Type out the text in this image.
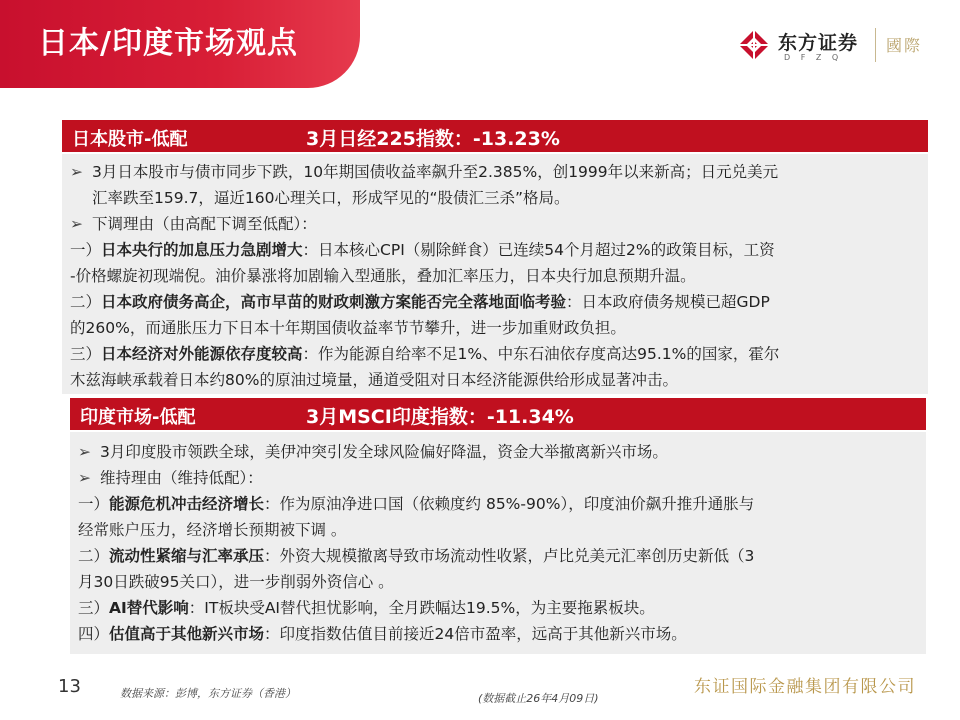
日本/印度市场观点	东方证券
D F Z Q
國際
日本股市-低配	3月日经225指数：-13.23%
➢ 3月日本股市与债市同步下跌，10年期国债收益率飙升至2.385%，创1999年以来新高；日元兑美元
汇率跌至159.7，逼近160心理关口，形成罕见的“股债汇三杀”格局。
➢ 下调理由（由高配下调至低配）：
一）日本央行的加息压力急剧增大：日本核心CPI（剔除鲜食）已连续54个月超过2%的政策目标，工资
-价格螺旋初现端倪。油价暴涨将加剧输入型通胀，叠加汇率压力，日本央行加息预期升温。
二）日本政府债务高企，高市早苗的财政刺激方案能否完全落地面临考验：日本政府债务规模已超GDP
的260%，而通胀压力下日本十年期国债收益率节节攀升，进一步加重财政负担。
三）日本经济对外能源依存度较高：作为能源自给率不足1%、中东石油依存度高达95.1%的国家，霍尔
木兹海峡承载着日本约80%的原油过境量，通道受阻对日本经济能源供给形成显著冲击。
印度市场-低配	3月MSCI印度指数：-11.34%
➢ 3月印度股市领跌全球，美伊冲突引发全球风险偏好降温，资金大举撤离新兴市场。
➢ 维持理由（维持低配）：
一）能源危机冲击经济增长：作为原油净进口国（依赖度约 85%-90%），印度油价飙升推升通胀与
经常账户压力，经济增长预期被下调 。
二）流动性紧缩与汇率承压：外资大规模撤离导致市场流动性收紧，卢比兑美元汇率创历史新低（3
月30日跌破95关口），进一步削弱外资信心 。
三）AI替代影响：IT板块受AI替代担忧影响，全月跌幅达19.5%，为主要拖累板块。
四）估值高于其他新兴市场：印度指数估值目前接近24倍市盈率，远高于其他新兴市场。
13	数据来源：彭博，东方证券（香港）	(数据截止26年4月09日)
东证国际金融集团有限公司
